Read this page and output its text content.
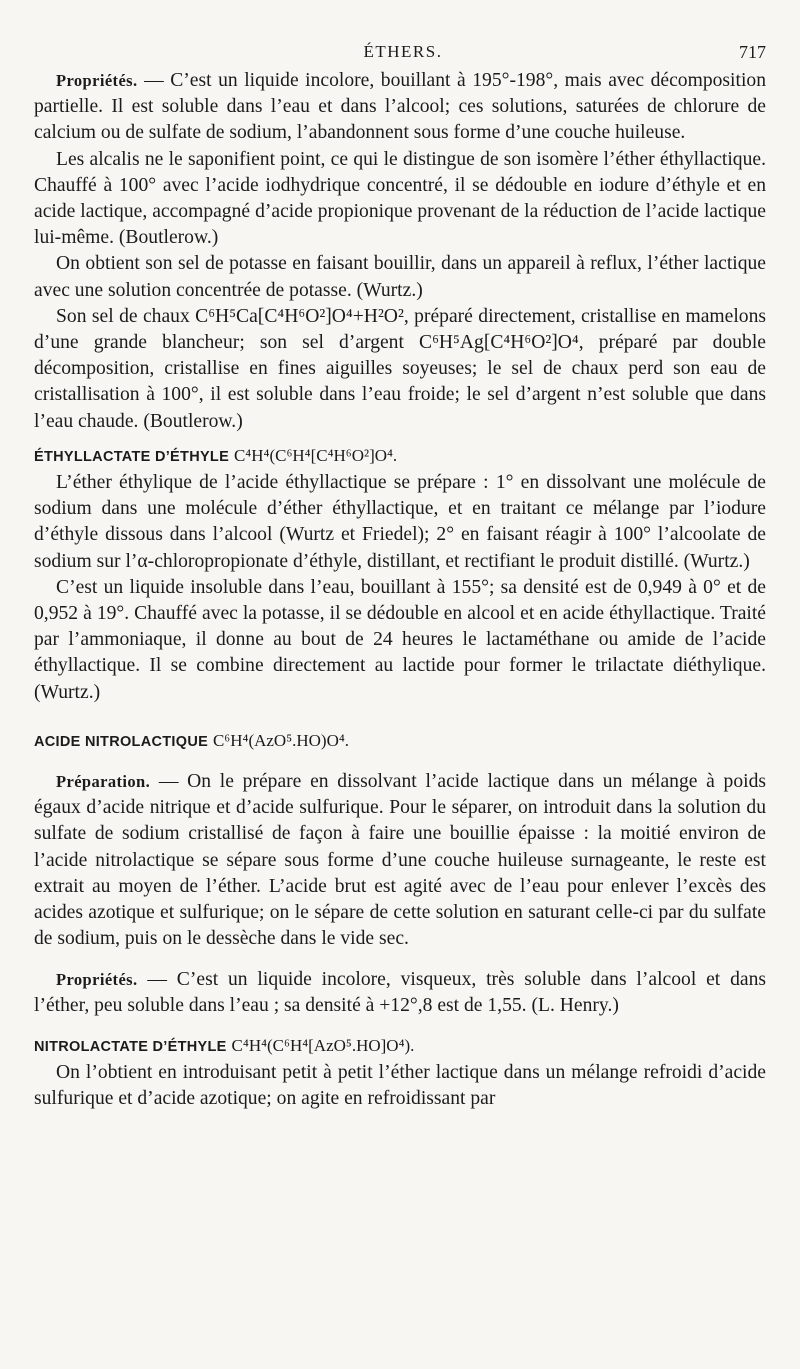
ÉTHERS.	717

Propriétés. — C’est un liquide incolore, bouillant à 195°-198°, mais avec décomposition partielle. Il est soluble dans l’eau et dans l’alcool; ces solutions, saturées de chlorure de calcium ou de sulfate de sodium, l’abandonnent sous forme d’une couche huileuse.

Les alcalis ne le saponifient point, ce qui le distingue de son isomère l’éther éthyllactique. Chauffé à 100° avec l’acide iodhydrique concentré, il se dédouble en iodure d’éthyle et en acide lactique, accompagné d’acide propionique provenant de la réduction de l’acide lactique lui-même. (Boutlerow.)

On obtient son sel de potasse en faisant bouillir, dans un appareil à reflux, l’éther lactique avec une solution concentrée de potasse. (Wurtz.)

Son sel de chaux C⁶H⁵Ca[C⁴H⁶O²]O⁴+H²O², préparé directement, cristallise en mamelons d’une grande blancheur; son sel d’argent C⁶H⁵Ag[C⁴H⁶O²]O⁴, préparé par double décomposition, cristallise en fines aiguilles soyeuses; le sel de chaux perd son eau de cristallisation à 100°, il est soluble dans l’eau froide; le sel d’argent n’est soluble que dans l’eau chaude. (Boutlerow.)

ÉTHYLLACTATE D’ÉTHYLE C⁴H⁴(C⁶H⁴[C⁴H⁶O²]O⁴.

L’éther éthylique de l’acide éthyllactique se prépare : 1° en dissolvant une molécule de sodium dans une molécule d’éther éthyllactique, et en traitant ce mélange par l’iodure d’éthyle dissous dans l’alcool (Wurtz et Friedel); 2° en faisant réagir à 100° l’alcoolate de sodium sur l’α-chloropropionate d’éthyle, distillant, et rectifiant le produit distillé. (Wurtz.)

C’est un liquide insoluble dans l’eau, bouillant à 155°; sa densité est de 0,949 à 0° et de 0,952 à 19°. Chauffé avec la potasse, il se dédouble en alcool et en acide éthyllactique. Traité par l’ammoniaque, il donne au bout de 24 heures le lactaméthane ou amide de l’acide éthyllactique. Il se combine directement au lactide pour former le trilactate diéthylique. (Wurtz.)

ACIDE NITROLACTIQUE C⁶H⁴(AzO⁵.HO)O⁴.

Préparation. — On le prépare en dissolvant l’acide lactique dans un mélange à poids égaux d’acide nitrique et d’acide sulfurique. Pour le séparer, on introduit dans la solution du sulfate de sodium cristallisé de façon à faire une bouillie épaisse : la moitié environ de l’acide nitrolactique se sépare sous forme d’une couche huileuse surnageante, le reste est extrait au moyen de l’éther. L’acide brut est agité avec de l’eau pour enlever l’excès des acides azotique et sulfurique; on le sépare de cette solution en saturant celle-ci par du sulfate de sodium, puis on le dessèche dans le vide sec.

Propriétés. — C’est un liquide incolore, visqueux, très soluble dans l’alcool et dans l’éther, peu soluble dans l’eau ; sa densité à +12°,8 est de 1,55. (L. Henry.)

NITROLACTATE D’ÉTHYLE C⁴H⁴(C⁶H⁴[AzO⁵.HO]O⁴).

On l’obtient en introduisant petit à petit l’éther lactique dans un mélange refroidi d’acide sulfurique et d’acide azotique; on agite en refroidissant par
